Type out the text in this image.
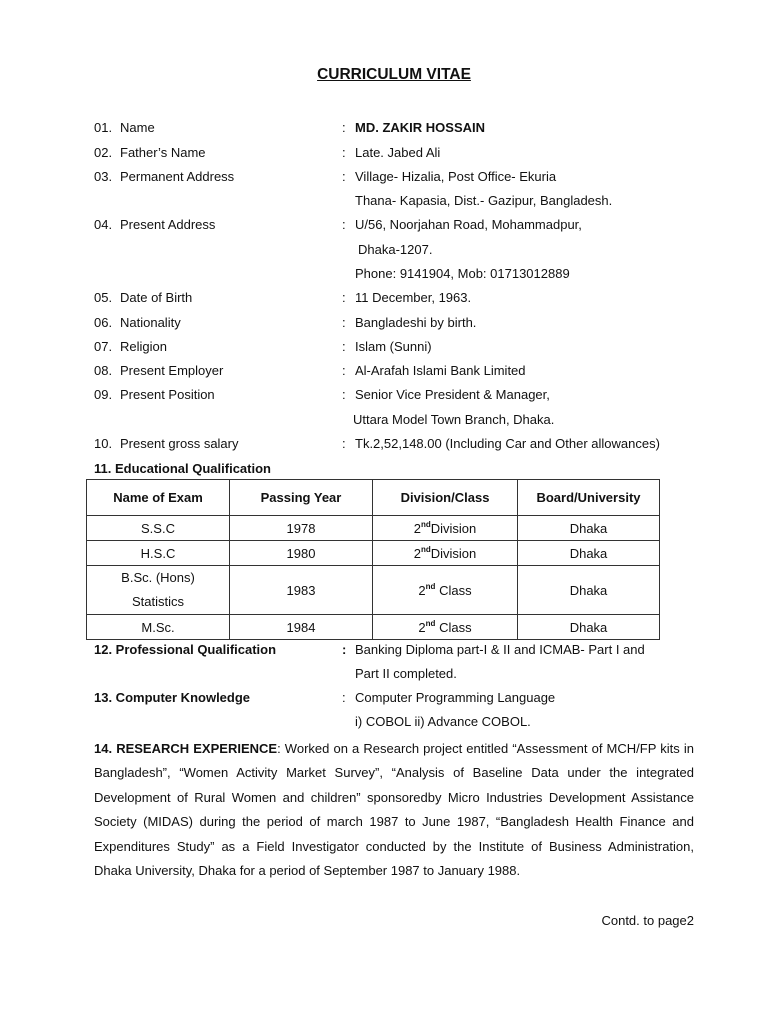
CURRICULUM VITAE
01. Name	: MD. ZAKIR HOSSAIN
02. Father’s Name	: Late. Jabed Ali
03. Permanent Address	: Village- Hizalia, Post Office- Ekuria
Thana- Kapasia, Dist.- Gazipur, Bangladesh.
04. Present Address	: U/56, Noorjahan Road, Mohammadpur,
Dhaka-1207.
Phone: 9141904, Mob: 01713012889
05. Date of Birth	: 11 December, 1963.
06. Nationality	: Bangladeshi by birth.
07. Religion	: Islam (Sunni)
08. Present Employer	: Al-Arafah Islami Bank Limited
09. Present Position	: Senior Vice President & Manager,
Uttara Model Town Branch, Dhaka.
10. Present gross salary	: Tk.2,52,148.00 (Including Car and Other allowances)
11. Educational Qualification
Name of Exam	Passing Year	Division/Class	Board/University
S.S.C	1978	2ndDivision	Dhaka
H.S.C	1980	2ndDivision	Dhaka

B.Sc. (Hons)
Statistics	1983	2nd Class	Dhaka
M.Sc.	1984	2nd Class	Dhaka
12. Professional Qualification	: Banking Diploma part-I & II and ICMAB- Part I and
Part II completed.
13. Computer Knowledge	: Computer Programming Language
i) COBOL ii) Advance COBOL.
14. RESEARCH EXPERIENCE: Worked on a Research project entitled “Assessment of MCH/FP kits in Bangladesh”, “Women Activity Market Survey”, “Analysis of Baseline Data under the integrated Development of Rural Women and children” sponsoredby Micro Industries Development Assistance Society (MIDAS) during the period of march 1987 to June 1987, “Bangladesh Health Finance and Expenditures Study” as a Field Investigator conducted by the Institute of Business Administration, Dhaka University, Dhaka for a period of September 1987 to January 1988.
Contd. to page2
